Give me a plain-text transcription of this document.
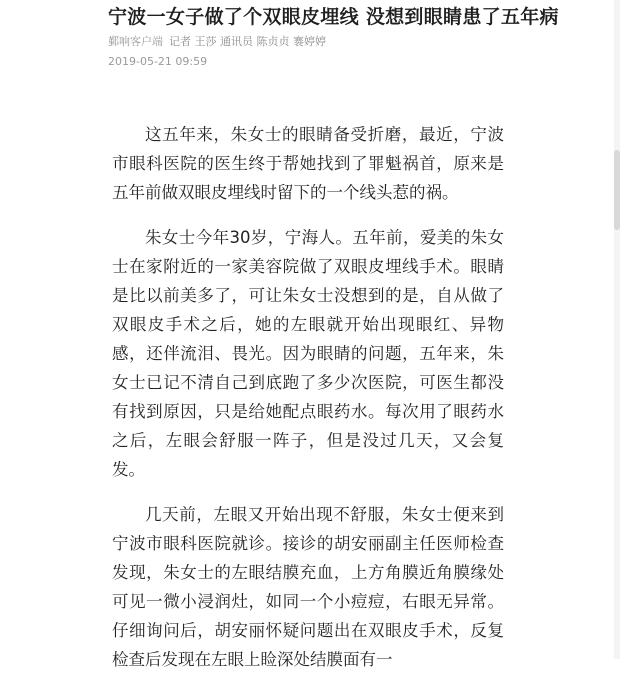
宁波一女子做了个双眼皮埋线 没想到眼睛患了五年病
鄞响客户端 记者 王莎 通讯员 陈贞贞 褰婷婷
2019-05-21 09:59

这五年来，朱女士的眼睛备受折磨，最近，宁波市眼科医院的医生终于帮她找到了罪魁祸首，原来是五年前做双眼皮埋线时留下的一个线头惹的祸。

朱女士今年30岁，宁海人。五年前，爱美的朱女士在家附近的一家美容院做了双眼皮埋线手术。眼睛是比以前美多了，可让朱女士没想到的是，自从做了双眼皮手术之后，她的左眼就开始出现眼红、异物感，还伴流泪、畏光。因为眼睛的问题，五年来，朱女士已记不清自己到底跑了多少次医院，可医生都没有找到原因，只是给她配点眼药水。每次用了眼药水之后，左眼会舒服一阵子，但是没过几天，又会复发。

几天前，左眼又开始出现不舒服，朱女士便来到宁波市眼科医院就诊。接诊的胡安丽副主任医师检查发现，朱女士的左眼结膜充血，上方角膜近角膜缘处可见一微小浸润灶，如同一个小痘痘，右眼无异常。仔细询问后，胡安丽怀疑问题出在双眼皮手术，反复检查后发现在左眼上睑深处结膜面有一
